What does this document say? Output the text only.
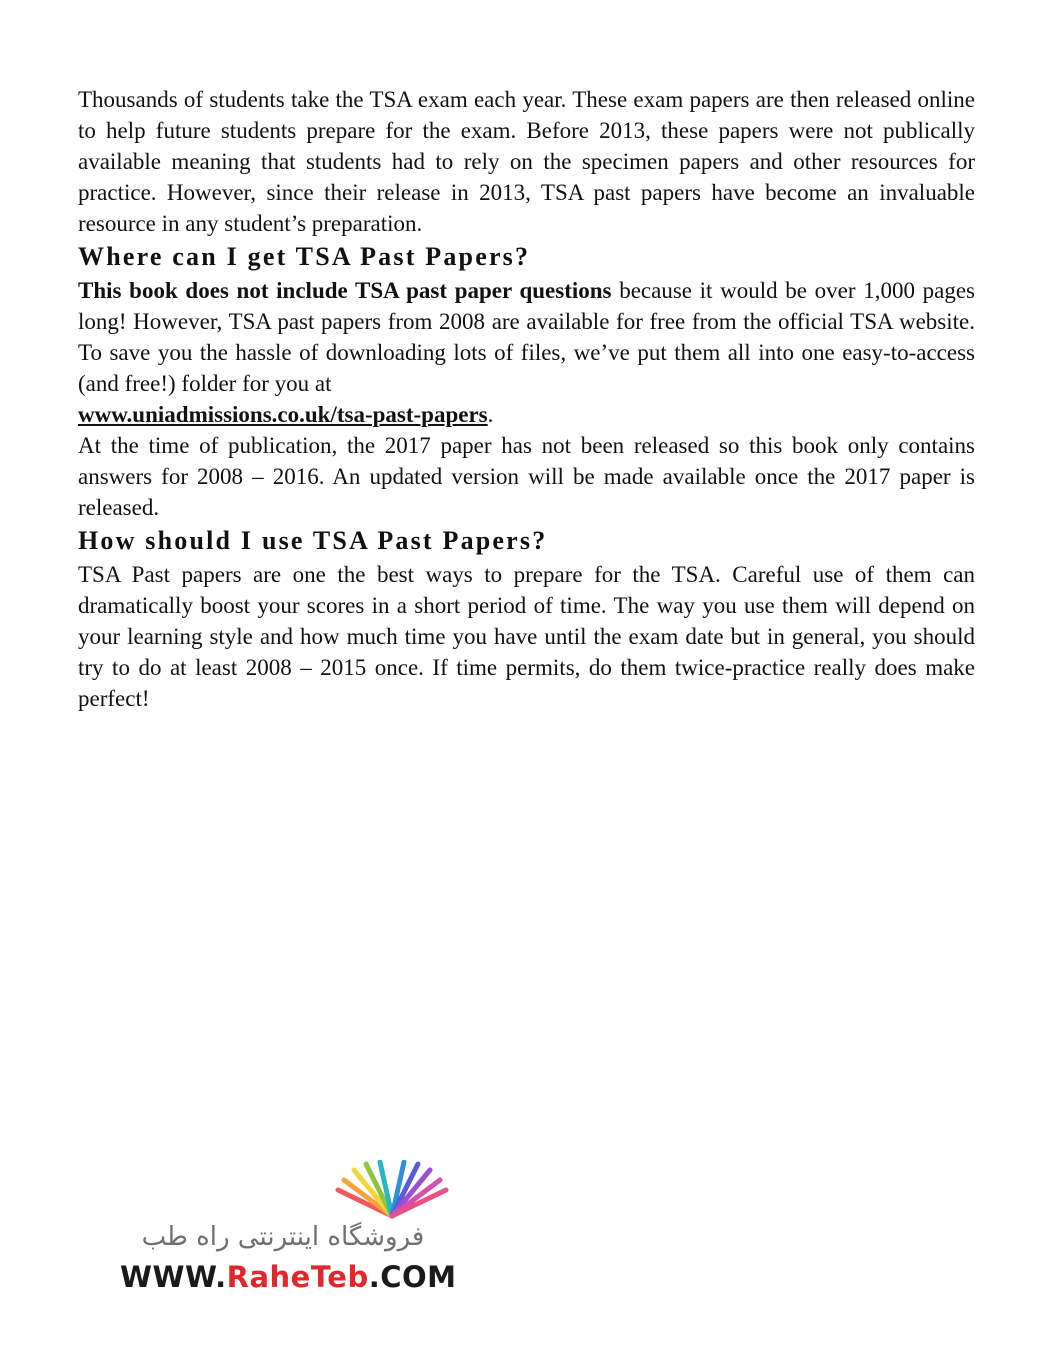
Thousands of students take the TSA exam each year. These exam papers are then released online to help future students prepare for the exam. Before 2013, these papers were not publically available meaning that students had to rely on the specimen papers and other resources for practice. However, since their release in 2013, TSA past papers have become an invaluable resource in any student’s preparation.

Where can I get TSA Past Papers?

This book does not include TSA past paper questions because it would be over 1,000 pages long! However, TSA past papers from 2008 are available for free from the official TSA website. To save you the hassle of downloading lots of files, we’ve put them all into one easy-to-access (and free!) folder for you at
www.uniadmissions.co.uk/tsa-past-papers.

At the time of publication, the 2017 paper has not been released so this book only contains answers for 2008 – 2016. An updated version will be made available once the 2017 paper is released.

How should I use TSA Past Papers?

TSA Past papers are one the best ways to prepare for the TSA. Careful use of them can dramatically boost your scores in a short period of time. The way you use them will depend on your learning style and how much time you have until the exam date but in general, you should try to do at least 2008 – 2015 once. If time permits, do them twice-practice really does make perfect!

فروشگاه اینترنتی راه طب
WWW.RaheTeb.COM
